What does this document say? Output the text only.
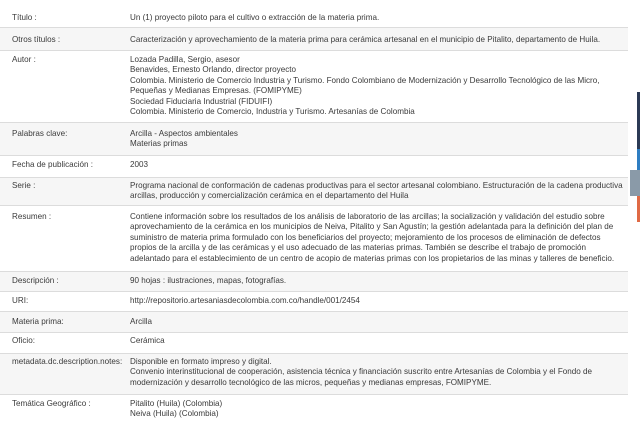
Título :	Un (1) proyecto piloto para el cultivo o extracción de la materia prima.
Otros títulos :	Caracterización y aprovechamiento de la materia prima para cerámica artesanal en el municipio de Pitalito, departamento de Huila.
Autor :	Lozada Padilla, Sergio, asesor
Benavides, Ernesto Orlando, director proyecto
Colombia. Ministerio de Comercio Industria y Turismo. Fondo Colombiano de Modernización y Desarrollo Tecnológico de las Micro, Pequeñas y Medianas Empresas. (FOMIPYME)
Sociedad Fiduciaria Industrial (FIDUIFI)
Colombia. Ministerio de Comercio, Industria y Turismo. Artesanías de Colombia
Palabras clave:	Arcilla - Aspectos ambientales
Materias primas
Fecha de publicación :	2003
Serie :	Programa nacional de conformación de cadenas productivas para el sector artesanal colombiano. Estructuración de la cadena productiva arcillas, producción y comercialización cerámica en el departamento del Huila
Resumen :	Contiene información sobre los resultados de los análisis de laboratorio de las arcillas; la socialización y validación del estudio sobre aprovechamiento de la cerámica en los municipios de Neiva, Pitalito y San Agustín; la gestión adelantada para la definición del plan de suministro de materia prima formulado con los beneficiarios del proyecto; mejoramiento de los procesos de eliminación de defectos propios de la arcilla y de las cerámicas y el uso adecuado de las materias primas. También se describe el trabajo de promoción adelantado para el establecimiento de un centro de acopio de materias primas con los propietarios de las minas y talleres de beneficio.
Descripción :	90 hojas : ilustraciones, mapas, fotografías.
URI:	http://repositorio.artesaniasdecolombia.com.co/handle/001/2454
Materia prima:	Arcilla
Oficio:	Cerámica
metadata.dc.description.notes: Disponible en formato impreso y digital.
Convenio interinstitucional de cooperación, asistencia técnica y financiación suscrito entre Artesanías de Colombia y el Fondo de modernización y desarrollo tecnológico de las micros, pequeñas y medianas empresas, FOMIPYME.
Temática Geográfico :	Pitalito (Huila) (Colombia)
Neiva (Huila) (Colombia)
